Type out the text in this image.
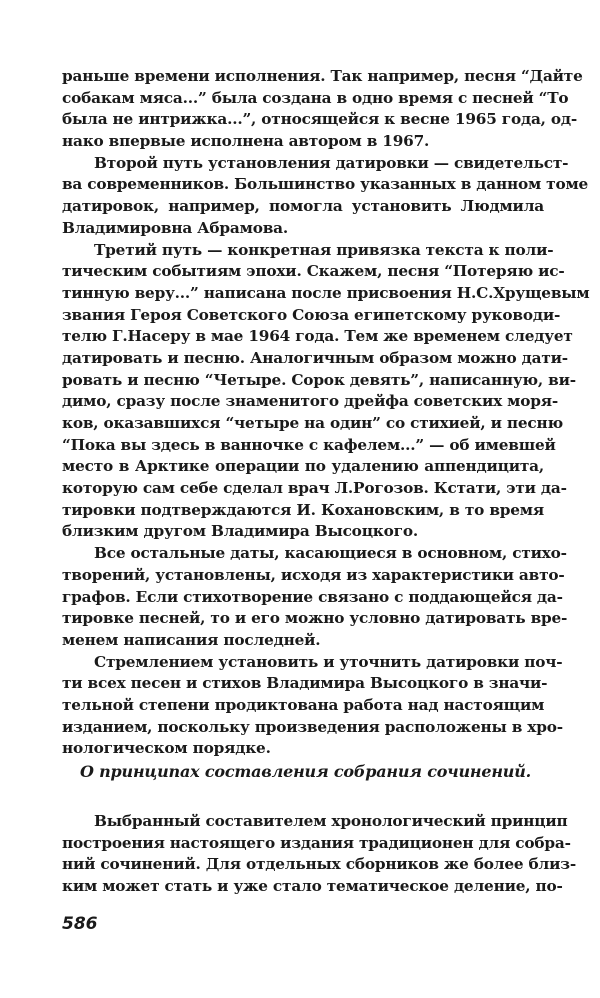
раньше времени исполнения. Так например, песня “Дайте
собакам мяса...” была создана в одно время с песней “То
была не интрижка...”, относящейся к весне 1965 года, од-
нако впервые исполнена автором в 1967.
Второй путь установления датировки — свидетельст-
ва современников. Большинство указанных в данном томе
датировок, например, помогла установить Людмила
Владимировна Абрамова.
Третий путь — конкретная привязка текста к поли-
тическим событиям эпохи. Скажем, песня “Потеряю ис-
тинную веру...” написана после присвоения Н.С.Хрущевым
звания Героя Советского Союза египетскому руководи-
телю Г.Насеру в мае 1964 года. Тем же временем следует
датировать и песню. Аналогичным образом можно дати-
ровать и песню “Четыре. Сорок девять”, написанную, ви-
димо, сразу после знаменитого дрейфа советских моря-
ков, оказавшихся “четыре на один” со стихией, и песню
“Пока вы здесь в ванночке с кафелем...” — об имевшей
место в Арктике операции по удалению аппендицита,
которую сам себе сделал врач Л.Рогозов. Кстати, эти да-
тировки подтверждаются И. Кохановским, в то время
близким другом Владимира Высоцкого.
Все остальные даты, касающиеся в основном, стихо-
творений, установлены, исходя из характеристики авто-
графов. Если стихотворение связано с поддающейся да-
тировке песней, то и его можно условно датировать вре-
менем написания последней.
Стремлением установить и уточнить датировки поч-
ти всех песен и стихов Владимира Высоцкого в значи-
тельной степени продиктована работа над настоящим
изданием, поскольку произведения расположены в хро-
нологическом порядке.
О принципах составления собрания сочинений.
Выбранный составителем хронологический принцип
построения настоящего издания традиционен для собра-
ний сочинений. Для отдельных сборников же более близ-
ким может стать и уже стало тематическое деление, по-
586
